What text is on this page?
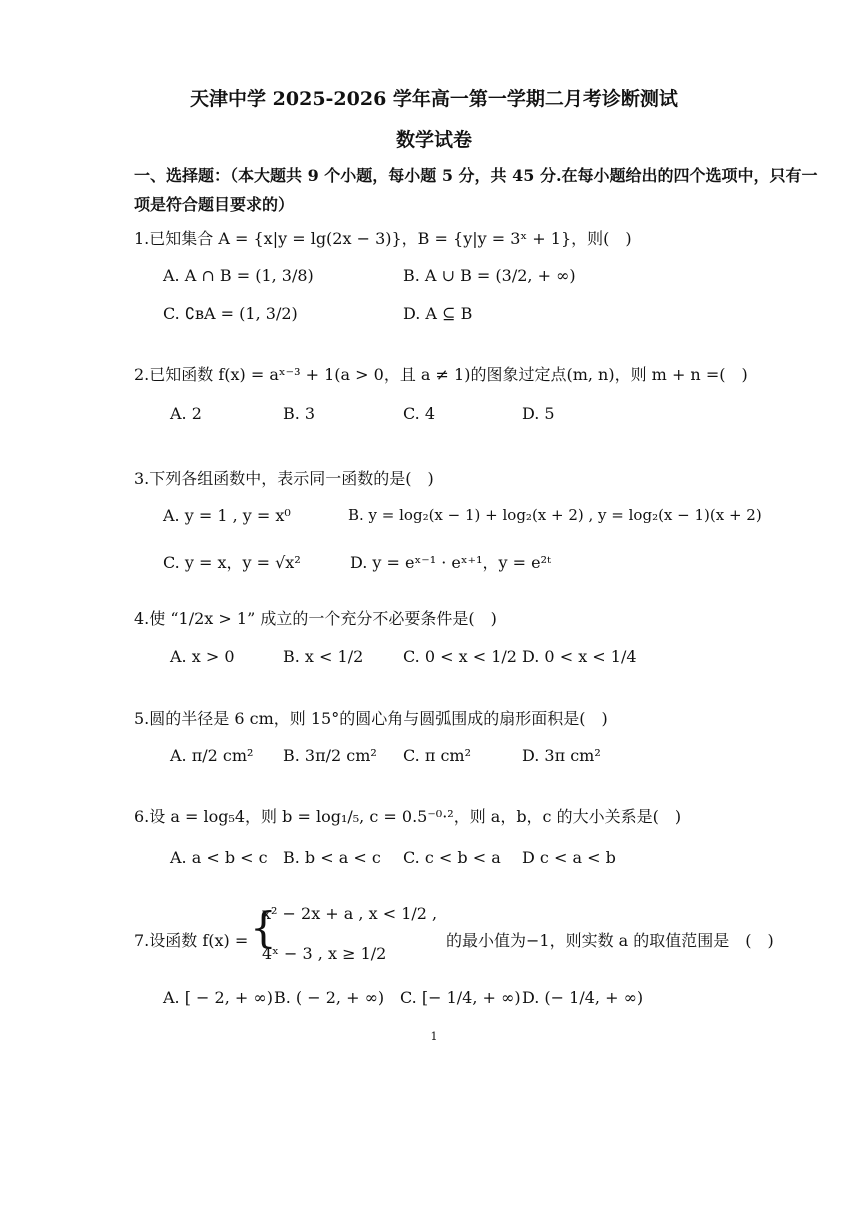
天津中学 2025-2026 学年高一第一学期二月考诊断测试
数学试卷
一、选择题：（本大题共 9 个小题，每小题 5 分，共 45 分.在每小题给出的四个选项中，只有一
项是符合题目要求的）
1.已知集合 A = {x|y = lg(2x − 3)}，B = {y|y = 3ˣ + 1}，则(　)
A. A ∩ B = (1, 3/8)	B. A ∪ B = (3/2, + ∞)
C. ∁ʙA = (1, 3/2)	D. A ⊆ B
2.已知函数 f(x) = aˣ⁻³ + 1(a > 0，且 a ≠ 1)的图象过定点(m, n)，则 m + n =(　)
A. 2	B. 3	C. 4	D. 5
3.下列各组函数中，表示同一函数的是(　)
A. y = 1 , y = x⁰	B. y = log₂(x − 1) + log₂(x + 2) , y = log₂(x − 1)(x + 2)
C. y = x，y = √x²	D. y = eˣ⁻¹ · eˣ⁺¹，y = e²ᵗ
4.使 “1/2x > 1” 成立的一个充分不必要条件是(　)
A. x > 0	B. x < 1/2 C. 0 < x < 1/2 D. 0 < x < 1/4
5.圆的半径是 6 cm，则 15°的圆心角与圆弧围成的扇形面积是(　)
A. π/2 cm² B. 3π/2 cm² C. π cm²	D. 3π cm²
6.设 a = log₅4，则 b = log₁/₅, c = 0.5⁻⁰·²，则 a，b，c 的大小关系是(　)
A. a < b < c B. b < a < c C. c < b < a D c < a < b
7.设函数 f(x) = {
x² − 2x + a , x < 1/2 ,
4ˣ − 3 , x ≥ 1/2
的最小值为−1，则实数 a 的取值范围是　(　)
A. [ − 2, + ∞) B. ( − 2, + ∞) C. [− 1/4, + ∞) D. (− 1/4, + ∞)
1
